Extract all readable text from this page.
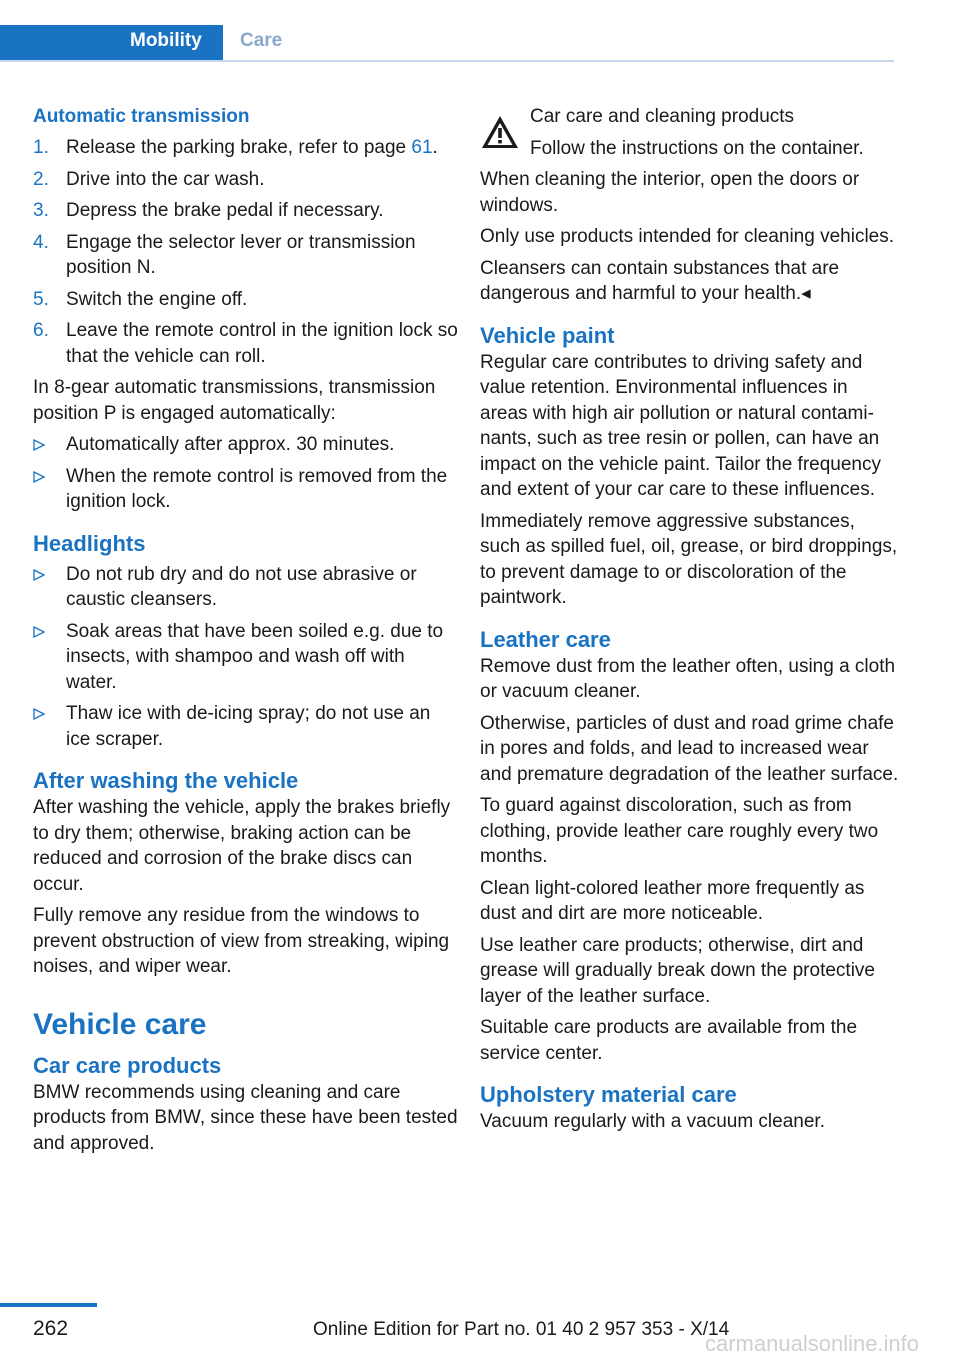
Mobility	Care
Automatic transmission
1. Release the parking brake, refer to page 61.
2. Drive into the car wash.
3. Depress the brake pedal if necessary.
4. Engage the selector lever or transmission position N.
5. Switch the engine off.
6. Leave the remote control in the ignition lock so that the vehicle can roll.

In 8-gear automatic transmissions, transmission position P is engaged automatically:

Automatically after approx. 30 minutes.
When the remote control is removed from the ignition lock.
Headlights
Do not rub dry and do not use abrasive or caustic cleansers.
Soak areas that have been soiled e.g. due to insects, with shampoo and wash off with water.
Thaw ice with de-icing spray; do not use an ice scraper.
After washing the vehicle

After washing the vehicle, apply the brakes briefly to dry them; otherwise, braking action can be reduced and corrosion of the brake discs can occur.

Fully remove any residue from the windows to prevent obstruction of view from streaking, wiping noises, and wiper wear.

Vehicle care
Car care products

BMW recommends using cleaning and care products from BMW, since these have been tested and approved.

Car care and cleaning products

Follow the instructions on the container.

When cleaning the interior, open the doors or windows.

Only use products intended for cleaning vehicles.

Cleansers can contain substances that are dangerous and harmful to your health.◂

Vehicle paint

Regular care contributes to driving safety and value retention. Environmental influences in areas with high air pollution or natural contaminants, such as tree resin or pollen, can have an impact on the vehicle paint. Tailor the frequency and extent of your car care to these influences.

Immediately remove aggressive substances, such as spilled fuel, oil, grease, or bird droppings, to prevent damage to or discoloration of the paintwork.

Leather care

Remove dust from the leather often, using a cloth or vacuum cleaner.

Otherwise, particles of dust and road grime chafe in pores and folds, and lead to increased wear and premature degradation of the leather surface.

To guard against discoloration, such as from clothing, provide leather care roughly every two months.

Clean light-colored leather more frequently as dust and dirt are more noticeable.

Use leather care products; otherwise, dirt and grease will gradually break down the protective layer of the leather surface.

Suitable care products are available from the service center.

Upholstery material care

Vacuum regularly with a vacuum cleaner.

262	Online Edition for Part no. 01 40 2 957 353 - X/14
carmanualsonline.info
